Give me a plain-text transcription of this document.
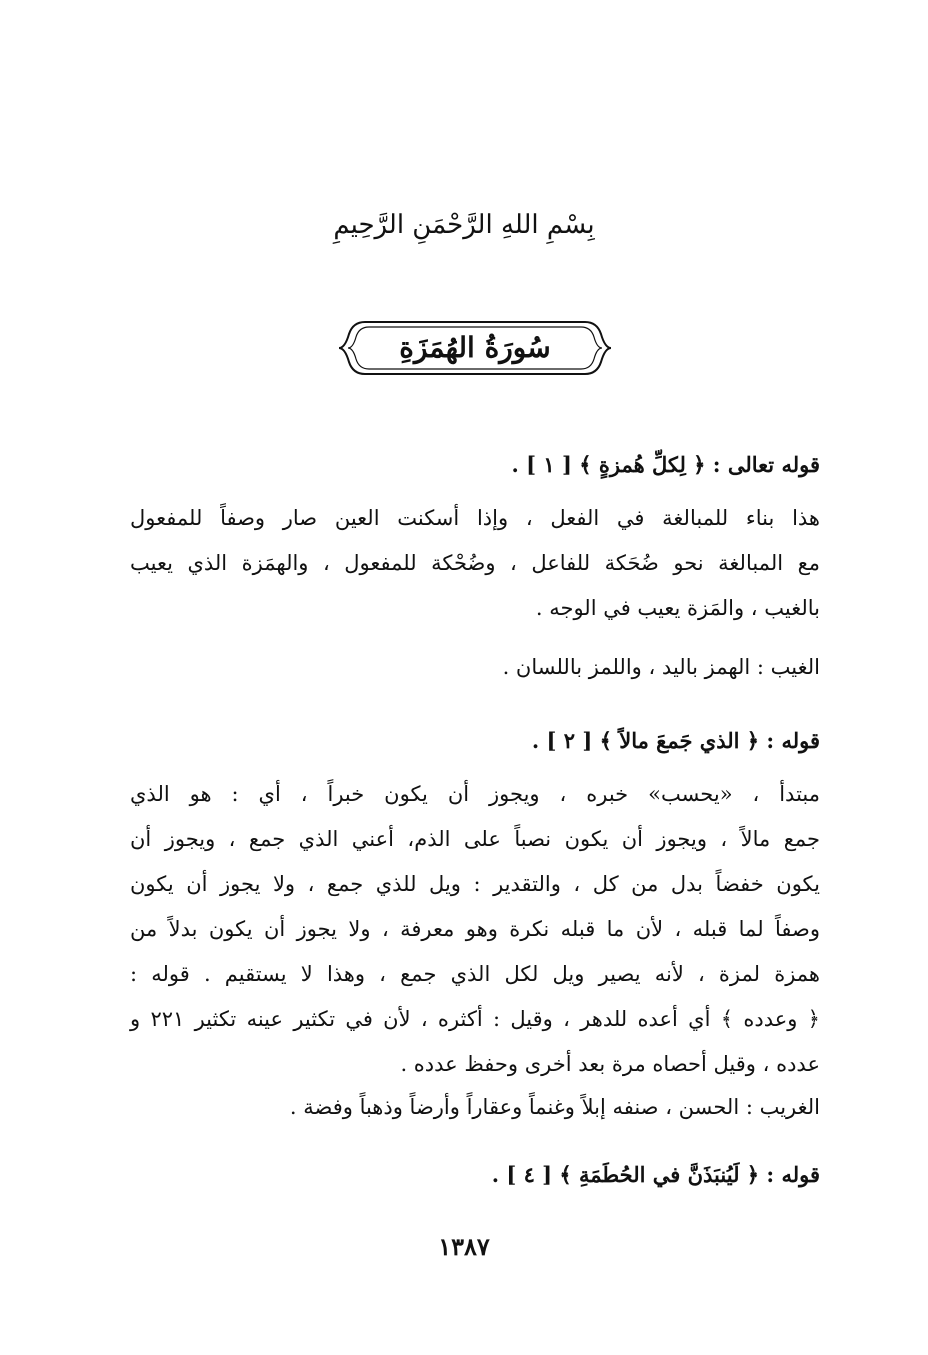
بِسْمِ اللهِ الرَّحْمَنِ الرَّحِيمِ
سُورَةُ الهُمَزَةِ
قوله تعالى : ﴿ لِكلِّ هُمزةٍ ﴾ [ ١ ] .
هذا بناء للمبالغة في الفعل ، وإذا أسكنت العين صار وصفاً للمفعول
مع المبالغة نحو ضُحَكة للفاعل ، وضُحْكة للمفعول ، والهمَزة الذي يعيب
بالغيب ، والمَزة يعيب في الوجه .
الغيب : الهمز باليد ، واللمز باللسان .
قوله : ﴿ الذي جَمعَ مالاً ﴾ [ ٢ ] .
مبتدأ ، «يحسب» خبره ، ويجوز أن يكون خبراً ، أي : هو الذي
جمع مالاً ، ويجوز أن يكون نصباً على الذم، أعني الذي جمع ، ويجوز أن
يكون خفضاً بدل من كل ، والتقدير : ويل للذي جمع ، ولا يجوز أن يكون
وصفاً لما قبله ، لأن ما قبله نكرة وهو معرفة ، ولا يجوز أن يكون بدلاً من
همزة لمزة ، لأنه يصير ويل لكل الذي جمع ، وهذا لا يستقيم . قوله :
﴿ وعدده ﴾ أي أعده للدهر ، وقيل : أكثره ، لأن في تكثير عينه تكثير ٢٢١ و
عدده ، وقيل أحصاه مرة بعد أخرى وحفظ عدده .
الغريب : الحسن ، صنفه إبلاً وغنماً وعقاراً وأرضاً وذهباً وفضة .
قوله : ﴿ لَيُنبَذَنَّ في الحُطَمَةِ ﴾ [ ٤ ] .
١٣٨٧
